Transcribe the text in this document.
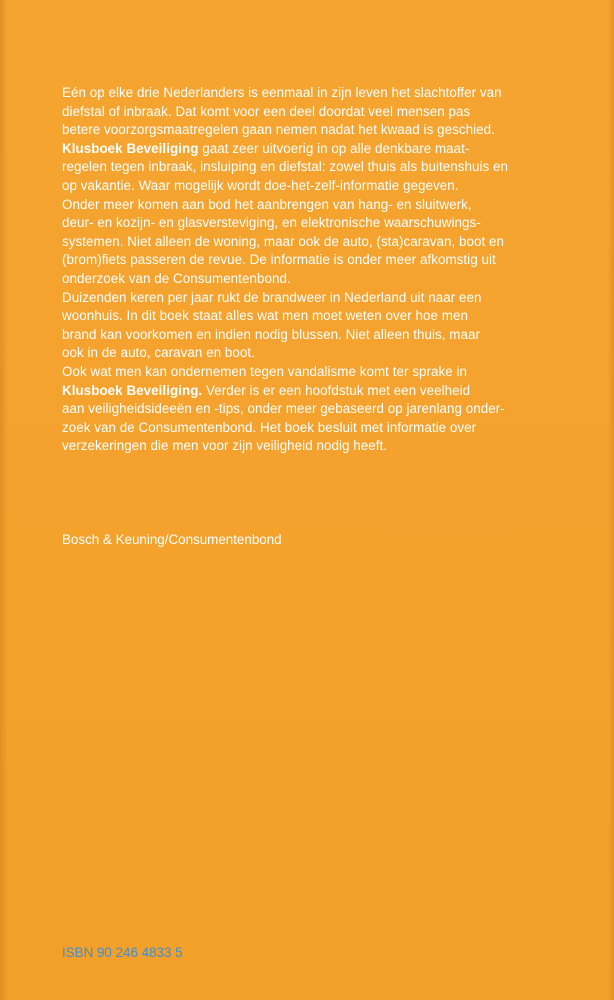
Eén op elke drie Nederlanders is eenmaal in zijn leven het slachtoffer van
diefstal of inbraak. Dat komt voor een deel doordat veel mensen pas
betere voorzorgsmaatregelen gaan nemen nadat het kwaad is geschied.
Klusboek Beveiliging gaat zeer uitvoerig in op alle denkbare maat-
regelen tegen inbraak, insluiping en diefstal: zowel thuis als buitenshuis en
op vakantie. Waar mogelijk wordt doe-het-zelf-informatie gegeven.
Onder meer komen aan bod het aanbrengen van hang- en sluitwerk,
deur- en kozijn- en glasversteviging, en elektronische waarschuwings-
systemen. Niet alleen de woning, maar ook de auto, (sta)caravan, boot en
(brom)fiets passeren de revue. De informatie is onder meer afkomstig uit
onderzoek van de Consumentenbond.
Duizenden keren per jaar rukt de brandweer in Nederland uit naar een
woonhuis. In dit boek staat alles wat men moet weten over hoe men
brand kan voorkomen en indien nodig blussen. Niet alleen thuis, maar
ook in de auto, caravan en boot.
Ook wat men kan ondernemen tegen vandalisme komt ter sprake in
Klusboek Beveiliging. Verder is er een hoofdstuk met een veelheid
aan veiligheidsideeën en -tips, onder meer gebaseerd op jarenlang onder-
zoek van de Consumentenbond. Het boek besluit met informatie over
verzekeringen die men voor zijn veiligheid nodig heeft.
Bosch & Keuning/Consumentenbond
ISBN 90 246 4833 5
